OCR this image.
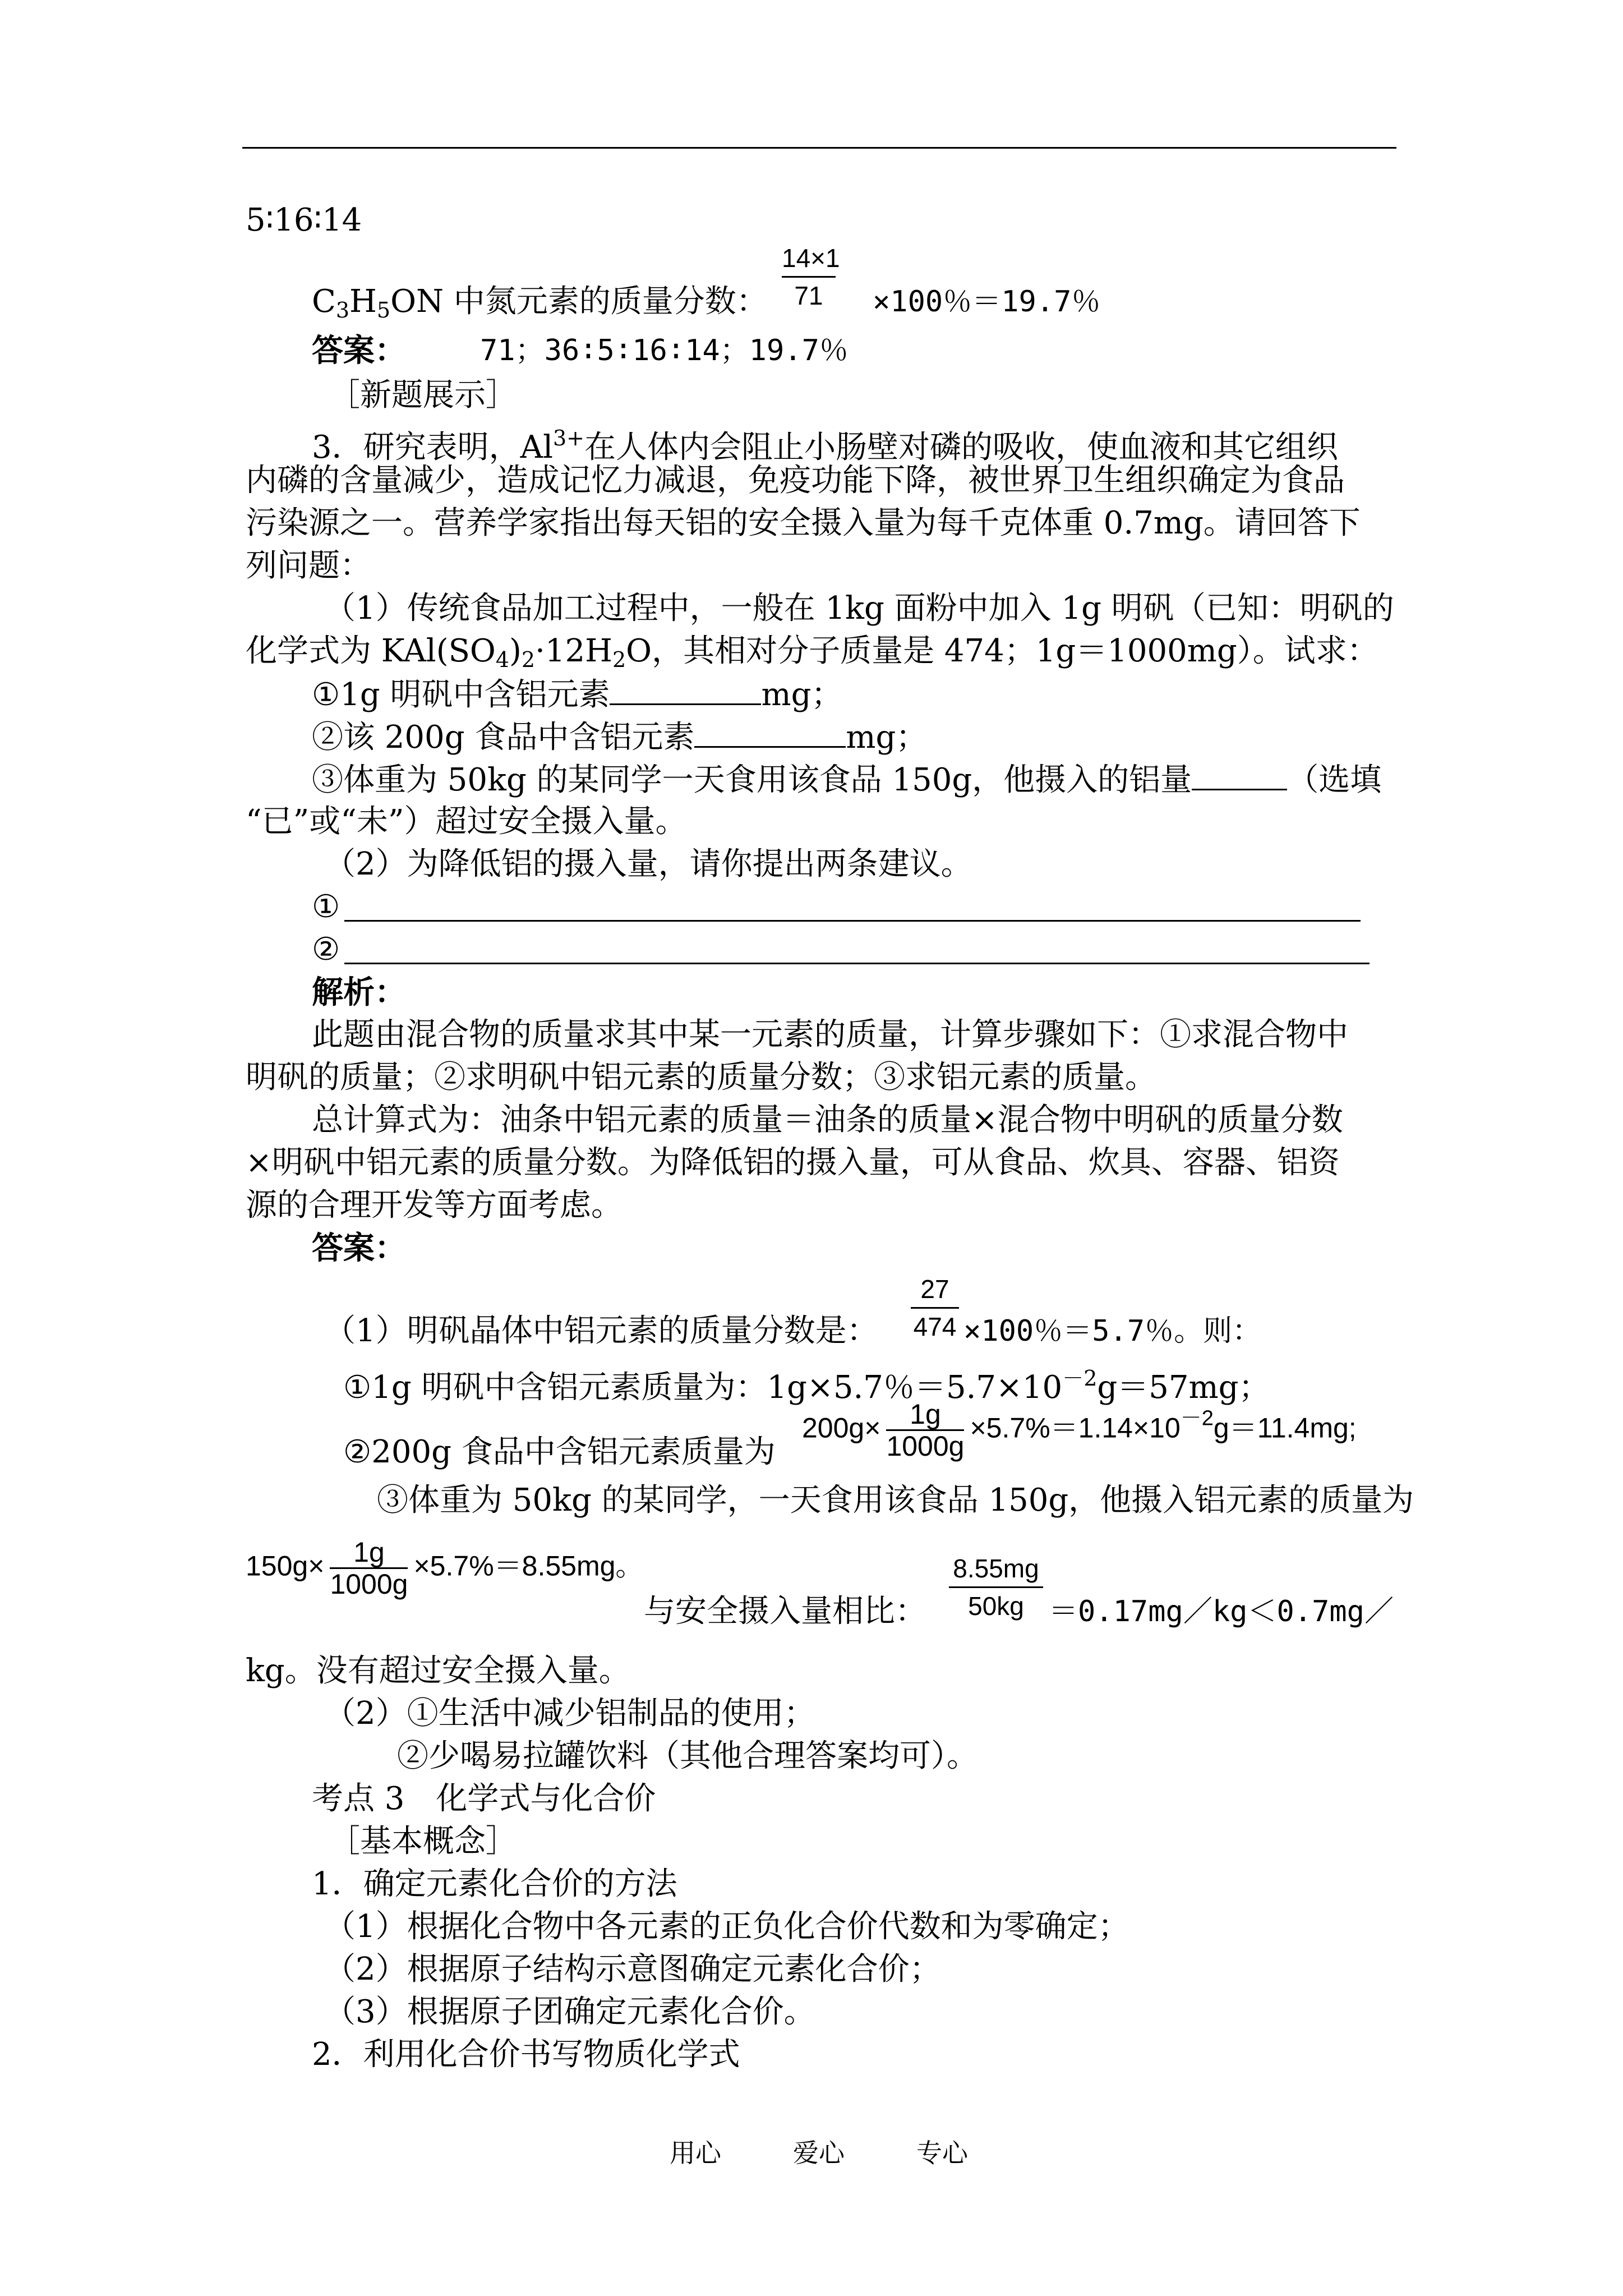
5∶16∶14
14×1
71
$C_3H_5ON$ 中氮元素的质量分数：	×100％＝19.7％
答案：	71；36∶5∶16∶14；19.7％
［新题展示］
3．研究表明，$Al^{3+}$在人体内会阻止小肠壁对磷的吸收，使血液和其它组织
内磷的含量减少，造成记忆力减退，免疫功能下降，被世界卫生组织确定为食品
污染源之一。营养学家指出每天铝的安全摄入量为每千克体重 0.7mg。请回答下
列问题：
（1）传统食品加工过程中，一般在 1kg 面粉中加入 1g 明矾（已知：明矾的
化学式为 $KAl(SO_4)_2\cdot 12H_2O$，其相对分子质量是 474；1g＝1000mg）。试求：
①1g 明矾中含铝元素	mg；
②该 200g 食品中含铝元素	mg；
③体重为 50kg 的某同学一天食用该食品 150g，他摄入的铝量	（选填
“已”或“未”）超过安全摄入量。
（2）为降低铝的摄入量，请你提出两条建议。
①
②
解析：
此题由混合物的质量求其中某一元素的质量，计算步骤如下：①求混合物中
明矾的质量；②求明矾中铝元素的质量分数；③求铝元素的质量。
总计算式为：油条中铝元素的质量＝油条的质量×混合物中明矾的质量分数
×明矾中铝元素的质量分数。为降低铝的摄入量，可从食品、炊具、容器、铝资
源的合理开发等方面考虑。
答案：
27
474
（1）明矾晶体中铝元素的质量分数是：	×100％＝5.7％。则：
①1g 明矾中含铝元素质量为：1g×5.7％$=5.7\times 10^{-2}g=57mg$；
$200g\times \frac{1g}{1000g} \times 5.7\%=1.14\times 10^{-2}g=11.4mg$;
②200g 食品中含铝元素质量为
③体重为 50kg 的某同学，一天食用该食品 150g，他摄入铝元素的质量为
$150g\times \frac{1g}{1000g} \times 5.7\%=8.55mg$。
与安全摄入量相比：
8.55mg
50kg ＝0.17mg／kg＜0.7mg／
kg。没有超过安全摄入量。
（2）①生活中减少铝制品的使用；
②少喝易拉罐饮料（其他合理答案均可）。
考点 3　化学式与化合价
［基本概念］
1．确定元素化合价的方法
（1）根据化合物中各元素的正负化合价代数和为零确定；
（2）根据原子结构示意图确定元素化合价；
（3）根据原子团确定元素化合价。
2．利用化合价书写物质化学式
用心	爱心	专心
